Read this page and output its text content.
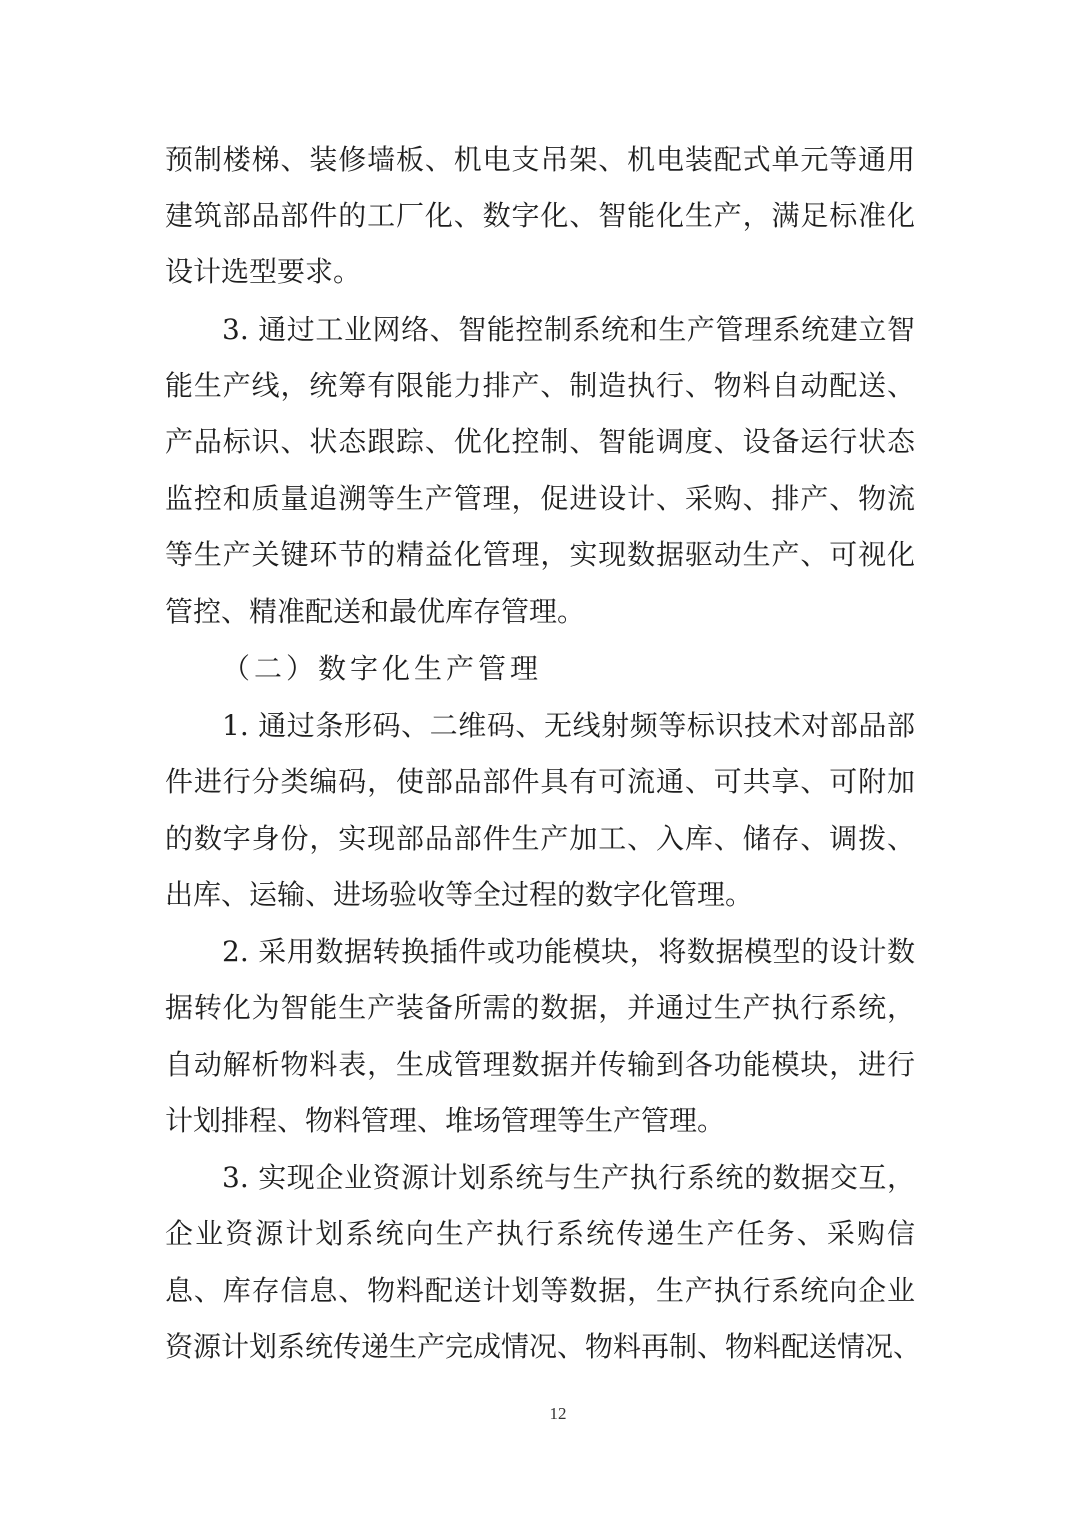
预制楼梯、装修墙板、机电支吊架、机电装配式单元等通用
建筑部品部件的工厂化、数字化、智能化生产，满足标准化
设计选型要求。
3. 通过工业网络、智能控制系统和生产管理系统建立智
能生产线，统筹有限能力排产、制造执行、物料自动配送、
产品标识、状态跟踪、优化控制、智能调度、设备运行状态
监控和质量追溯等生产管理，促进设计、采购、排产、物流
等生产关键环节的精益化管理，实现数据驱动生产、可视化
管控、精准配送和最优库存管理。
（二）数字化生产管理
1. 通过条形码、二维码、无线射频等标识技术对部品部
件进行分类编码，使部品部件具有可流通、可共享、可附加
的数字身份，实现部品部件生产加工、入库、储存、调拨、
出库、运输、进场验收等全过程的数字化管理。
2. 采用数据转换插件或功能模块，将数据模型的设计数
据转化为智能生产装备所需的数据，并通过生产执行系统，
自动解析物料表，生成管理数据并传输到各功能模块，进行
计划排程、物料管理、堆场管理等生产管理。
3. 实现企业资源计划系统与生产执行系统的数据交互，
企业资源计划系统向生产执行系统传递生产任务、采购信
息、库存信息、物料配送计划等数据，生产执行系统向企业
资源计划系统传递生产完成情况、物料再制、物料配送情况、
12
